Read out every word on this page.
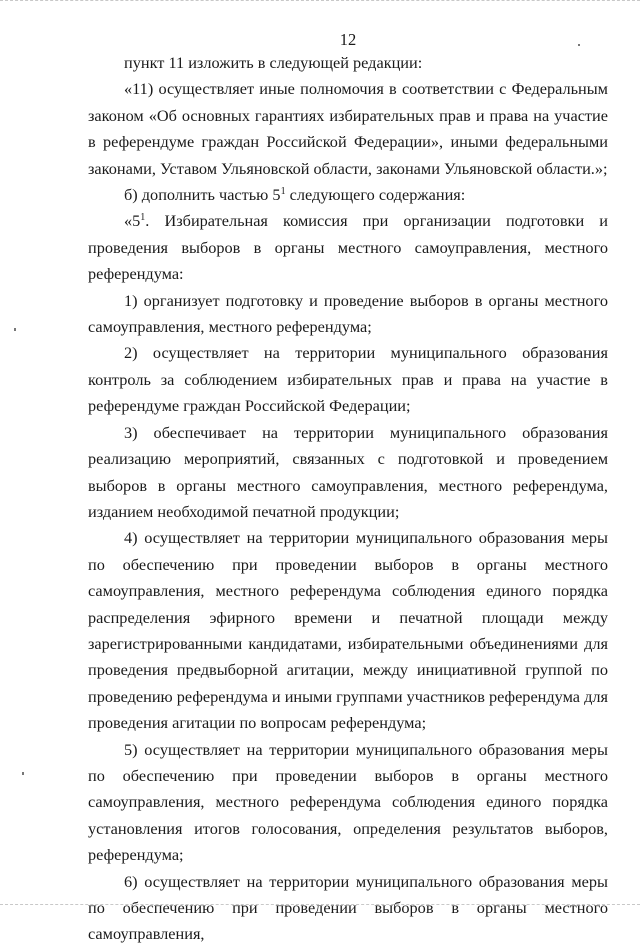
12

пункт 11 изложить в следующей редакции:

«11) осуществляет иные полномочия в соответствии с Федеральным законом «Об основных гарантиях избирательных прав и права на участие в референдуме граждан Российской Федерации», иными федеральными законами, Уставом Ульяновской области, законами Ульяновской области.»;

б) дополнить частью $5^1$ следующего содержания:

«$5^1$. Избирательная комиссия при организации подготовки и проведения выборов в органы местного самоуправления, местного референдума:

1) организует подготовку и проведение выборов в органы местного самоуправления, местного референдума;

2) осуществляет на территории муниципального образования контроль за соблюдением избирательных прав и права на участие в референдуме граждан Российской Федерации;

3) обеспечивает на территории муниципального образования реализацию мероприятий, связанных с подготовкой и проведением выборов в органы местного самоуправления, местного референдума, изданием необходимой печатной продукции;

4) осуществляет на территории муниципального образования меры по обеспечению при проведении выборов в органы местного самоуправления, местного референдума соблюдения единого порядка распределения эфирного времени и печатной площади между зарегистрированными кандидатами, избирательными объединениями для проведения предвыборной агитации, между инициативной группой по проведению референдума и иными группами участников референдума для проведения агитации по вопросам референдума;

5) осуществляет на территории муниципального образования меры по обеспечению при проведении выборов в органы местного самоуправления, местного референдума соблюдения единого порядка установления итогов голосования, определения результатов выборов, референдума;

6) осуществляет на территории муниципального образования меры по обеспечению при проведении выборов в органы местного самоуправления,
